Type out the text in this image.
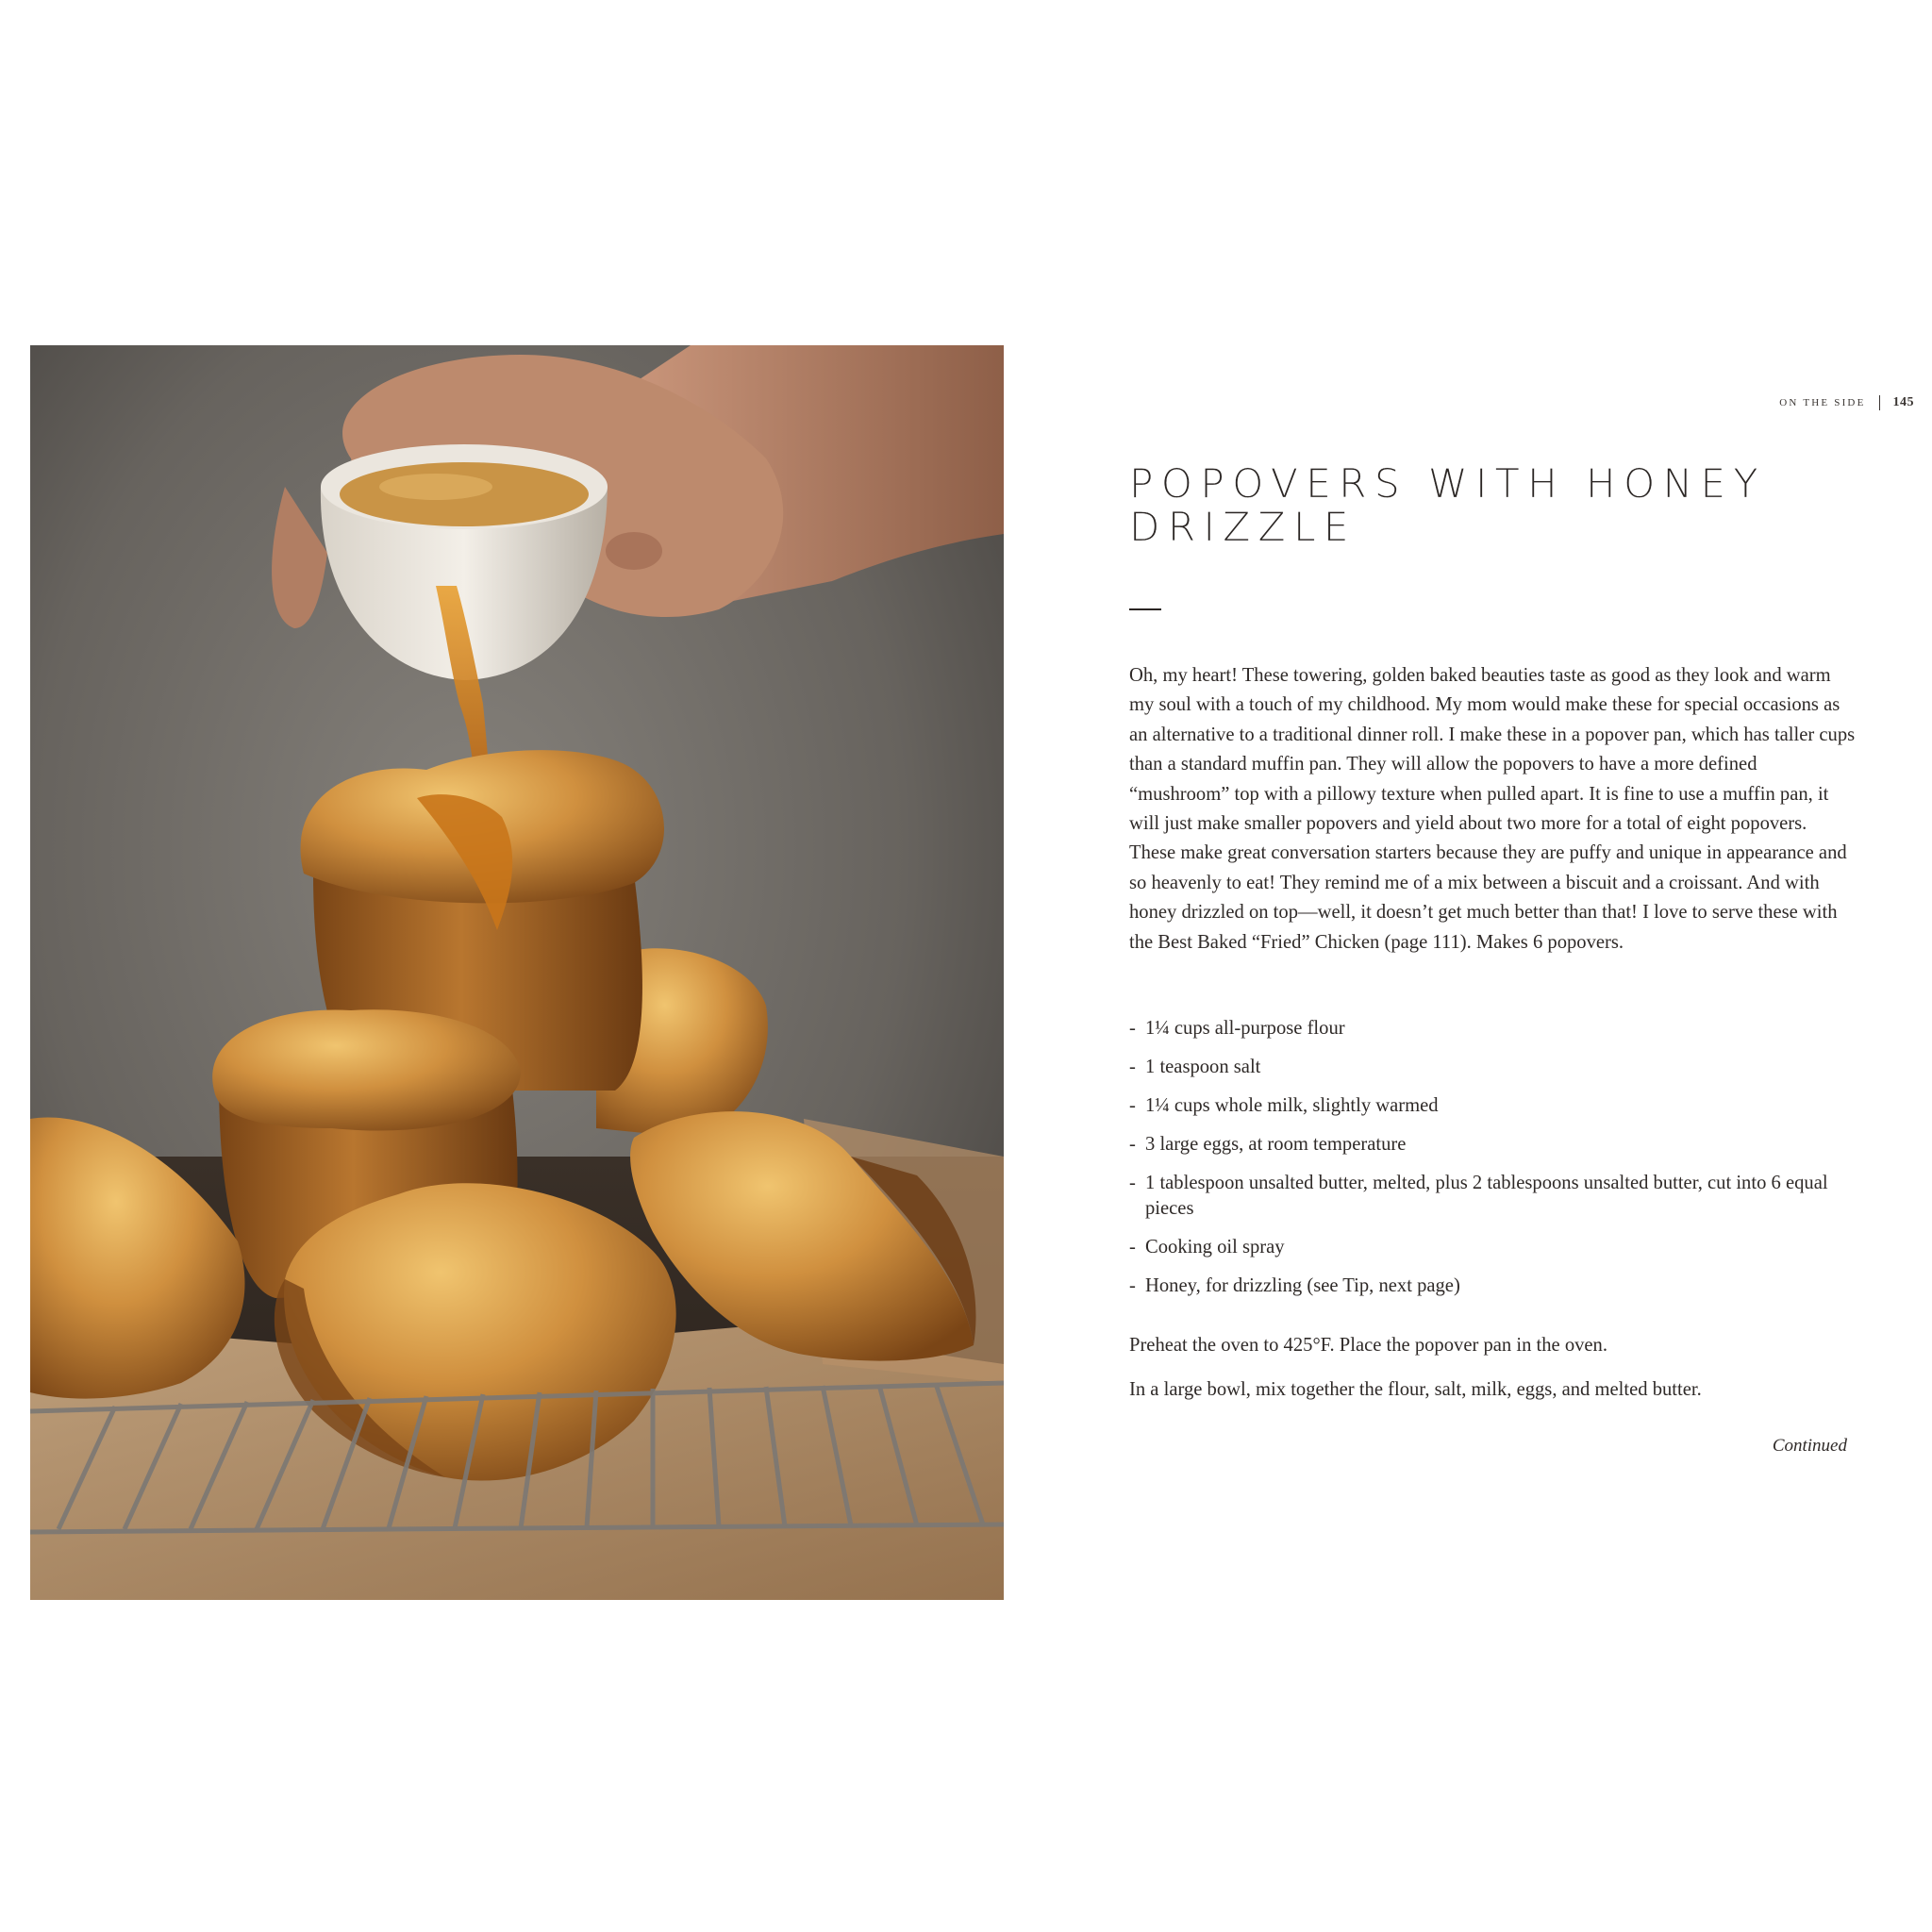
ON THE SIDE 145
POPOVERS WITH HONEY DRIZZLE

Oh, my heart! These towering, golden baked beauties taste as good as they look and warm my soul with a touch of my childhood. My mom would make these for special occasions as an alternative to a traditional dinner roll. I make these in a popover pan, which has taller cups than a standard muffin pan. They will allow the popovers to have a more defined “mushroom” top with a pillowy texture when pulled apart. It is fine to use a muffin pan, it will just make smaller popovers and yield about two more for a total of eight popovers. These make great conversation starters because they are puffy and unique in appearance and so heavenly to eat! They remind me of a mix between a biscuit and a croissant. And with honey drizzled on top—well, it doesn’t get much better than that! I love to serve these with the Best Baked “Fried” Chicken (page 111). Makes 6 popovers.

- 1¼ cups all-purpose flour
- 1 teaspoon salt
- 1¼ cups whole milk, slightly warmed
- 3 large eggs, at room temperature
- 1 tablespoon unsalted butter, melted, plus 2 tablespoons unsalted butter, cut into 6 equal pieces
- Cooking oil spray
- Honey, for drizzling (see Tip, next page)

Preheat the oven to 425°F. Place the popover pan in the oven.

In a large bowl, mix together the flour, salt, milk, eggs, and melted butter.

Continued
